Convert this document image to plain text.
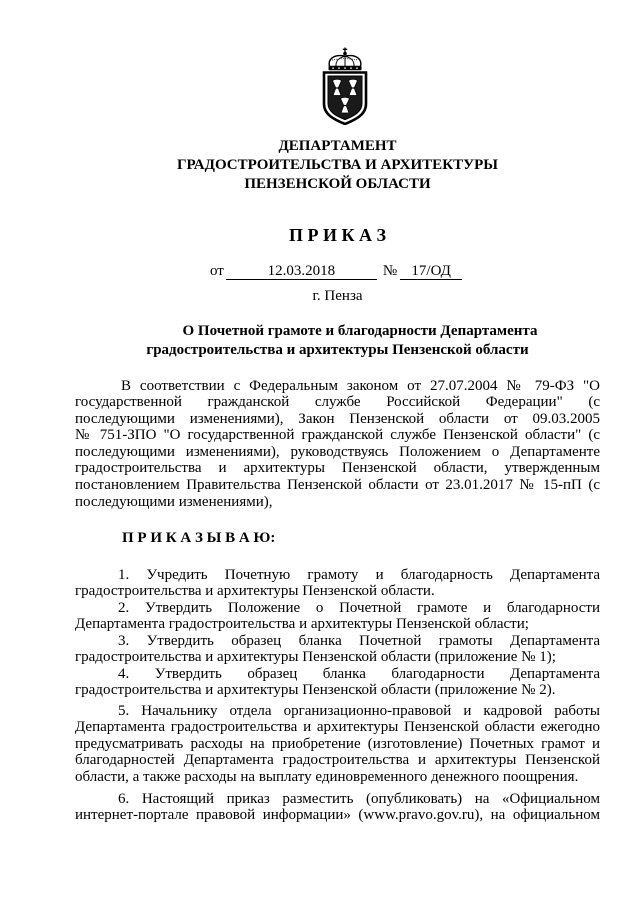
ДЕПАРТАМЕНТ
ГРАДОСТРОИТЕЛЬСТВА И АРХИТЕКТУРЫ
ПЕНЗЕНСКОЙ ОБЛАСТИ
П Р И К А З
от	12.03.2018	№ 17/ОД
г. Пенза
О Почетной грамоте и благодарности Департамента
градостроительства и архитектуры Пензенской области
В соответствии с Федеральным законом от 27.07.2004 № 79-ФЗ "О
государственной гражданской службе Российской Федерации" (с
последующими изменениями), Закон Пензенской области от 09.03.2005
№ 751-ЗПО "О государственной гражданской службе Пензенской области" (с
последующими изменениями), руководствуясь Положением о Департаменте
градостроительства и архитектуры Пензенской области, утвержденным
постановлением Правительства Пензенской области от 23.01.2017 № 15-пП (с
последующими изменениями),
П Р И К А З Ы В А Ю:
1. Учредить Почетную грамоту и благодарность Департамента
градостроительства и архитектуры Пензенской области.
2. Утвердить Положение о Почетной грамоте и благодарности
Департамента градостроительства и архитектуры Пензенской области;
3. Утвердить образец бланка Почетной грамоты Департамента
градостроительства и архитектуры Пензенской области (приложение № 1);
4. Утвердить образец бланка благодарности Департамента
градостроительства и архитектуры Пензенской области (приложение № 2).
5. Начальнику отдела организационно-правовой и кадровой работы
Департамента градостроительства и архитектуры Пензенской области ежегодно
предусматривать расходы на приобретение (изготовление) Почетных грамот и
благодарностей Департамента градостроительства и архитектуры Пензенской
области, а также расходы на выплату единовременного денежного поощрения.
6. Настоящий приказ разместить (опубликовать) на «Официальном
интернет-портале правовой информации» (www.pravo.gov.ru), на официальном
